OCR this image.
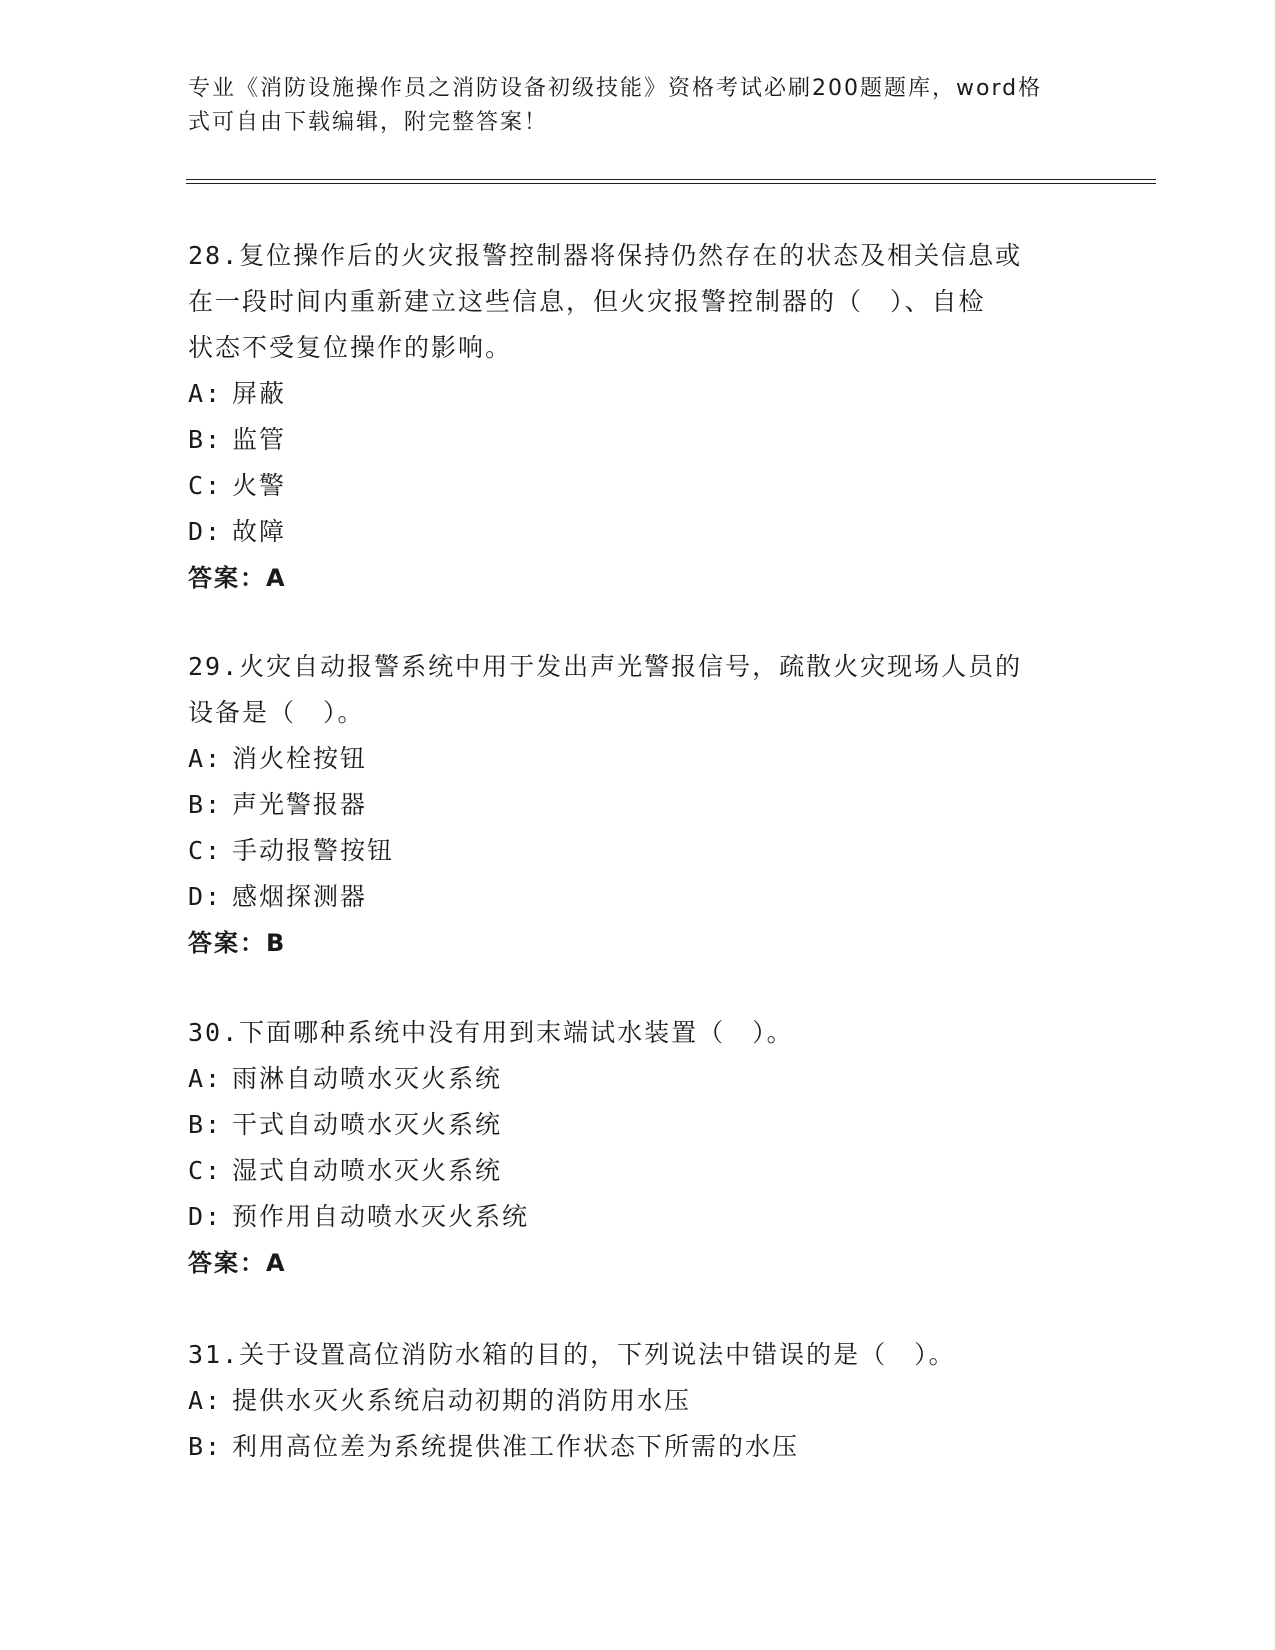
专业《消防设施操作员之消防设备初级技能》资格考试必刷200题题库，word格
式可自由下载编辑，附完整答案！

28.复位操作后的火灾报警控制器将保持仍然存在的状态及相关信息或

在一段时间内重新建立这些信息，但火灾报警控制器的（　）、自检

状态不受复位操作的影响。

A: 屏蔽

B: 监管

C: 火警

D: 故障

答案：A

29.火灾自动报警系统中用于发出声光警报信号，疏散火灾现场人员的

设备是（　）。

A: 消火栓按钮

B: 声光警报器

C: 手动报警按钮

D: 感烟探测器

答案：B

30.下面哪种系统中没有用到末端试水装置（　）。

A: 雨淋自动喷水灭火系统

B: 干式自动喷水灭火系统

C: 湿式自动喷水灭火系统

D: 预作用自动喷水灭火系统

答案：A

31.关于设置高位消防水箱的目的，下列说法中错误的是（　）。

A: 提供水灭火系统启动初期的消防用水压

B: 利用高位差为系统提供准工作状态下所需的水压
